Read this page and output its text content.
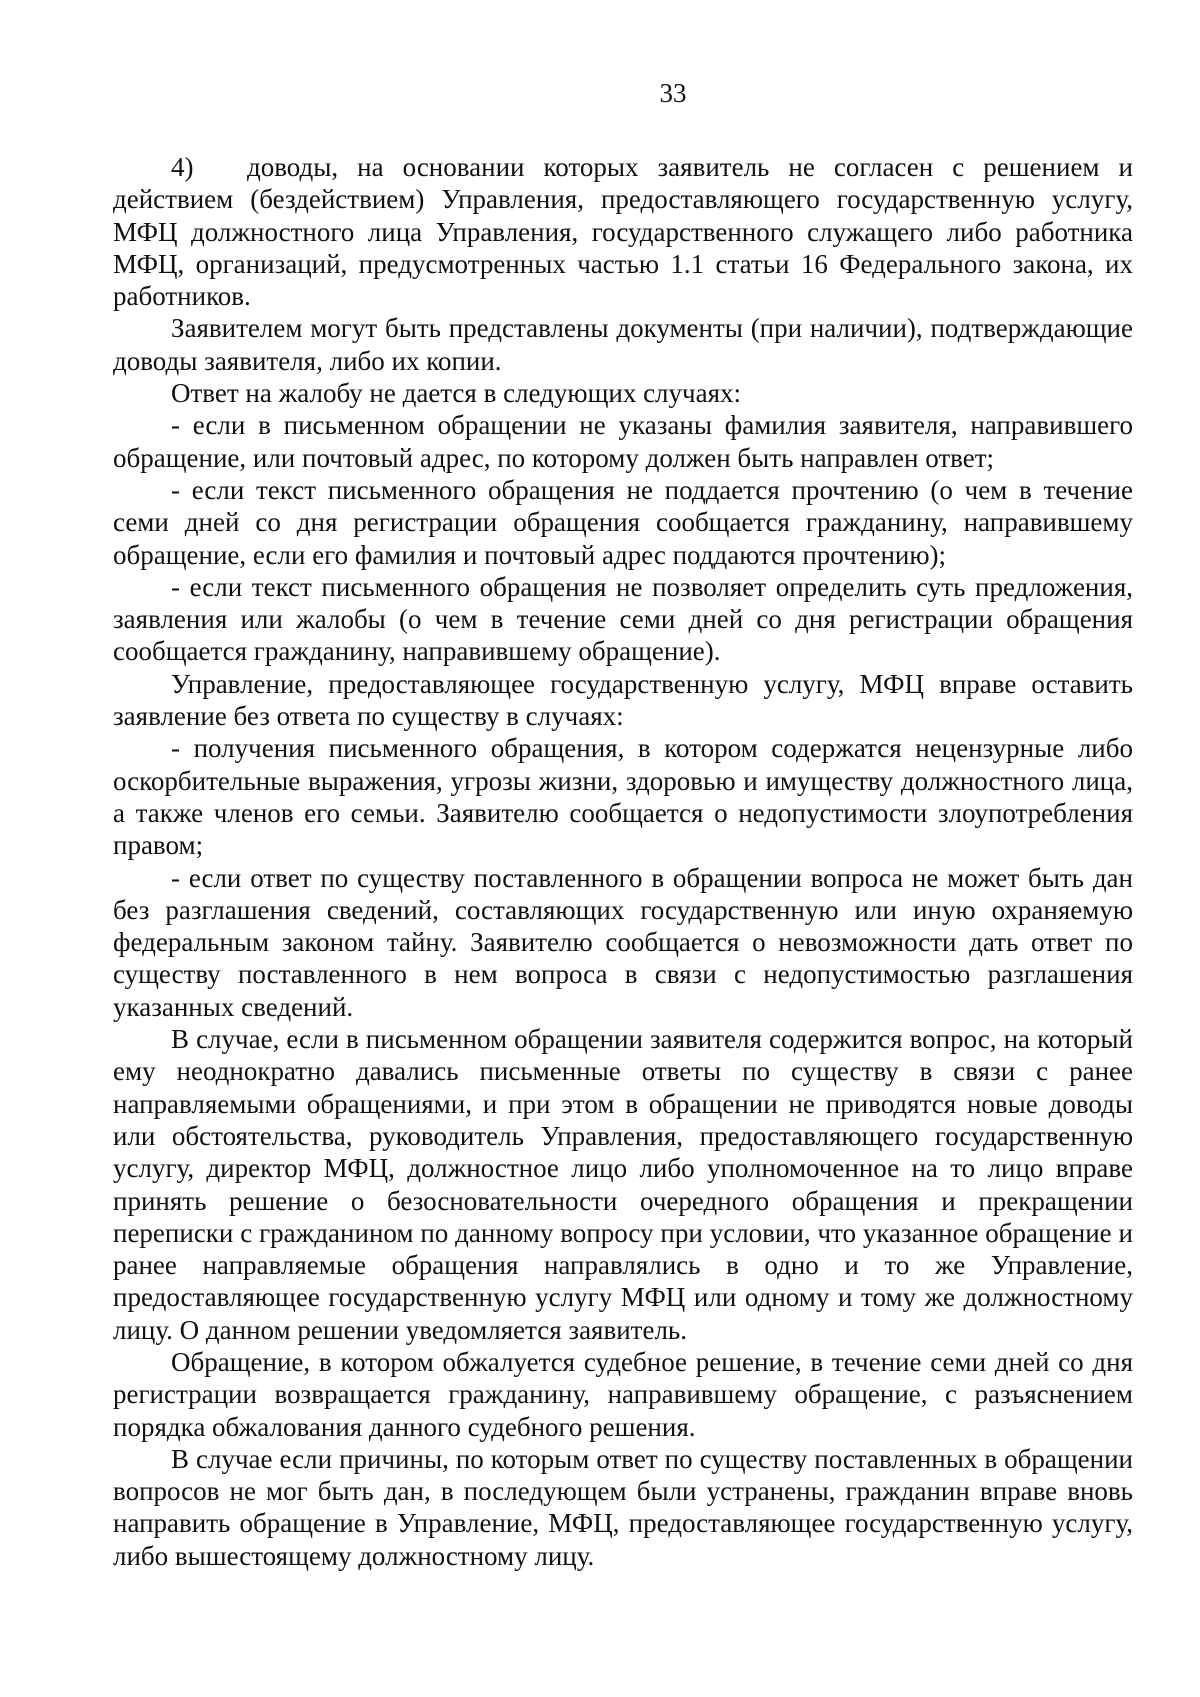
33

4) доводы, на основании которых заявитель не согласен с решением и действием (бездействием) Управления, предоставляющего государственную услугу, МФЦ должностного лица Управления, государственного служащего либо работника МФЦ, организаций, предусмотренных частью 1.1 статьи 16 Федерального закона, их работников.

Заявителем могут быть представлены документы (при наличии), подтверждающие доводы заявителя, либо их копии.

Ответ на жалобу не дается в следующих случаях:

- если в письменном обращении не указаны фамилия заявителя, направившего обращение, или почтовый адрес, по которому должен быть направлен ответ;

- если текст письменного обращения не поддается прочтению (о чем в течение семи дней со дня регистрации обращения сообщается гражданину, направившему обращение, если его фамилия и почтовый адрес поддаются прочтению);

- если текст письменного обращения не позволяет определить суть предложения, заявления или жалобы (о чем в течение семи дней со дня регистрации обращения сообщается гражданину, направившему обращение).

Управление, предоставляющее государственную услугу, МФЦ вправе оставить заявление без ответа по существу в случаях:

- получения письменного обращения, в котором содержатся нецензурные либо оскорбительные выражения, угрозы жизни, здоровью и имуществу должностного лица, а также членов его семьи. Заявителю сообщается о недопустимости злоупотребления правом;

- если ответ по существу поставленного в обращении вопроса не может быть дан без разглашения сведений, составляющих государственную или иную охраняемую федеральным законом тайну. Заявителю сообщается о невозможности дать ответ по существу поставленного в нем вопроса в связи с недопустимостью разглашения указанных сведений.

В случае, если в письменном обращении заявителя содержится вопрос, на который ему неоднократно давались письменные ответы по существу в связи с ранее направляемыми обращениями, и при этом в обращении не приводятся новые доводы или обстоятельства, руководитель Управления, предоставляющего государственную услугу, директор МФЦ, должностное лицо либо уполномоченное на то лицо вправе принять решение о безосновательности очередного обращения и прекращении переписки с гражданином по данному вопросу при условии, что указанное обращение и ранее направляемые обращения направлялись в одно и то же Управление, предоставляющее государственную услугу МФЦ или одному и тому же должностному лицу. О данном решении уведомляется заявитель.

Обращение, в котором обжалуется судебное решение, в течение семи дней со дня регистрации возвращается гражданину, направившему обращение, с разъяснением порядка обжалования данного судебного решения.

В случае если причины, по которым ответ по существу поставленных в обращении вопросов не мог быть дан, в последующем были устранены, гражданин вправе вновь направить обращение в Управление, МФЦ, предоставляющее государственную услугу, либо вышестоящему должностному лицу.
